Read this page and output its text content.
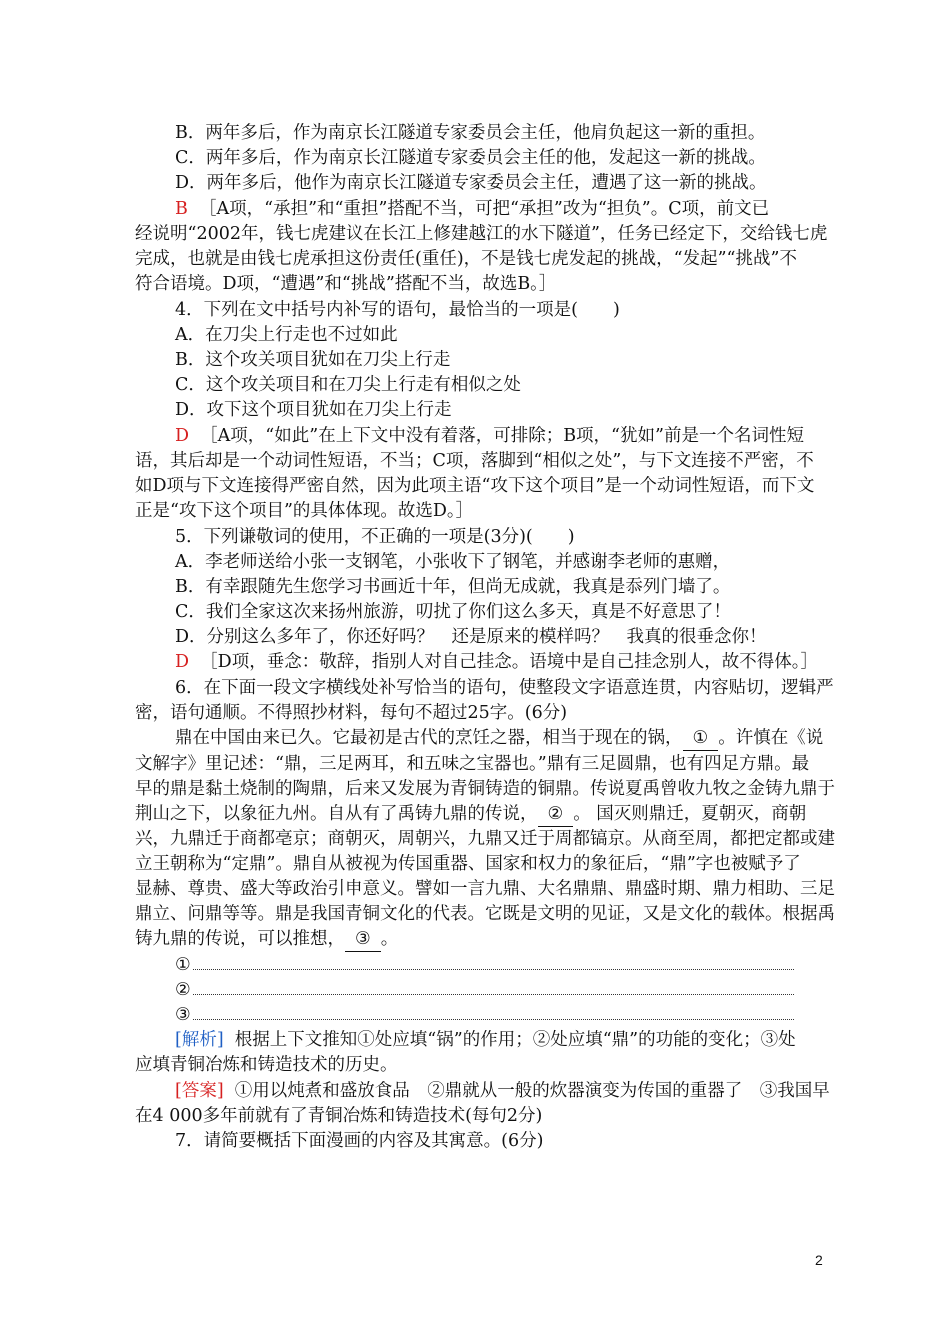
B．两年多后，作为南京长江隧道专家委员会主任，他肩负起这一新的重担。
C．两年多后，作为南京长江隧道专家委员会主任的他，发起这一新的挑战。
D．两年多后，他作为南京长江隧道专家委员会主任，遭遇了这一新的挑战。
B ［A项，“承担”和“重担”搭配不当，可把“承担”改为“担负”。C项，前文已
经说明“2002年，钱七虎建议在长江上修建越江的水下隧道”，任务已经定下，交给钱七虎
完成，也就是由钱七虎承担这份责任(重任)，不是钱七虎发起的挑战，“发起”“挑战”不
符合语境。D项，“遭遇”和“挑战”搭配不当，故选B。］
4．下列在文中括号内补写的语句，最恰当的一项是(　　)
A．在刀尖上行走也不过如此
B．这个攻关项目犹如在刀尖上行走
C．这个攻关项目和在刀尖上行走有相似之处
D．攻下这个项目犹如在刀尖上行走
D ［A项，“如此”在上下文中没有着落，可排除；B项，“犹如”前是一个名词性短
语，其后却是一个动词性短语，不当；C项，落脚到“相似之处”，与下文连接不严密，不
如D项与下文连接得严密自然，因为此项主语“攻下这个项目”是一个动词性短语，而下文
正是“攻下这个项目”的具体体现。故选D。］
5．下列谦敬词的使用，不正确的一项是(3分)(　　)
A．李老师送给小张一支钢笔，小张收下了钢笔，并感谢李老师的惠赠，
B．有幸跟随先生您学习书画近十年，但尚无成就，我真是忝列门墙了。
C．我们全家这次来扬州旅游，叨扰了你们这么多天，真是不好意思了！
D．分别这么多年了，你还好吗？　还是原来的模样吗？　我真的很垂念你！
D ［D项，垂念：敬辞，指别人对自己挂念。语境中是自己挂念别人，故不得体。］
6．在下面一段文字横线处补写恰当的语句，使整段文字语意连贯，内容贴切，逻辑严
密，语句通顺。不得照抄材料，每句不超过25字。(6分)
鼎在中国由来已久。它最初是古代的烹饪之器，相当于现在的锅， ① 。许慎在《说
文解字》里记述：“鼎，三足两耳，和五味之宝器也。”鼎有三足圆鼎，也有四足方鼎。最
早的鼎是黏土烧制的陶鼎，后来又发展为青铜铸造的铜鼎。传说夏禹曾收九牧之金铸九鼎于
荆山之下，以象征九州。自从有了禹铸九鼎的传说， ② 。 国灭则鼎迁，夏朝灭，商朝
兴，九鼎迁于商都亳京；商朝灭，周朝兴，九鼎又迁于周都镐京。从商至周，都把定都或建
立王朝称为“定鼎”。鼎自从被视为传国重器、国家和权力的象征后，“鼎”字也被赋予了
显赫、尊贵、盛大等政治引申意义。譬如一言九鼎、大名鼎鼎、鼎盛时期、鼎力相助、三足
鼎立、问鼎等等。鼎是我国青铜文化的代表。它既是文明的见证，又是文化的载体。根据禹
铸九鼎的传说，可以推想， ③ 。
①
②
③
[解析] 根据上下文推知①处应填“锅”的作用；②处应填“鼎”的功能的变化；③处
应填青铜冶炼和铸造技术的历史。
[答案] ①用以炖煮和盛放食品　②鼎就从一般的炊器演变为传国的重器了　③我国早
在4 000多年前就有了青铜冶炼和铸造技术(每句2分)
7．请简要概括下面漫画的内容及其寓意。(6分)
2
